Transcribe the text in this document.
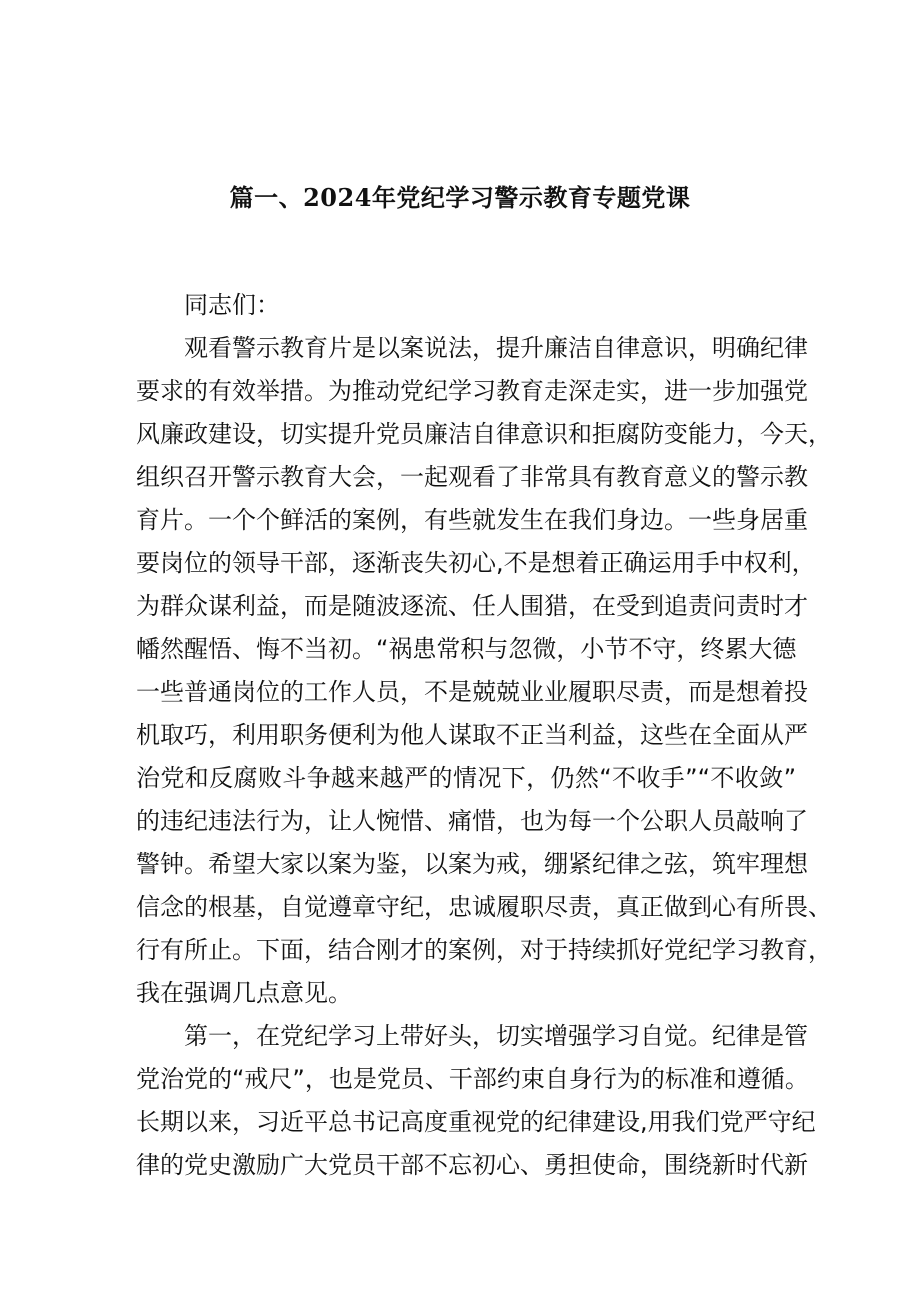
篇一、2024年党纪学习警示教育专题党课
同志们：
观看警示教育片是以案说法，提升廉洁自律意识，明确纪律
要求的有效举措。为推动党纪学习教育走深走实，进一步加强党
风廉政建设，切实提升党员廉洁自律意识和拒腐防变能力，今天，
组织召开警示教育大会，一起观看了非常具有教育意义的警示教
育片。一个个鲜活的案例，有些就发生在我们身边。一些身居重
要岗位的领导干部，逐渐丧失初心,不是想着正确运用手中权利，
为群众谋利益，而是随波逐流、任人围猎，在受到追责问责时才
幡然醒悟、悔不当初。“祸患常积与忽微，小节不守，终累大德
一些普通岗位的工作人员，不是兢兢业业履职尽责，而是想着投
机取巧，利用职务便利为他人谋取不正当利益，这些在全面从严
治党和反腐败斗争越来越严的情况下，仍然“不收手”“不收敛”
的违纪违法行为，让人惋惜、痛惜，也为每一个公职人员敲响了
警钟。希望大家以案为鉴，以案为戒，绷紧纪律之弦，筑牢理想
信念的根基，自觉遵章守纪，忠诚履职尽责，真正做到心有所畏、
行有所止。下面，结合刚才的案例，对于持续抓好党纪学习教育，
我在强调几点意见。
第一，在党纪学习上带好头，切实增强学习自觉。纪律是管
党治党的“戒尺”，也是党员、干部约束自身行为的标准和遵循。
长期以来，习近平总书记高度重视党的纪律建设,用我们党严守纪
律的党史激励广大党员干部不忘初心、勇担使命，围绕新时代新
